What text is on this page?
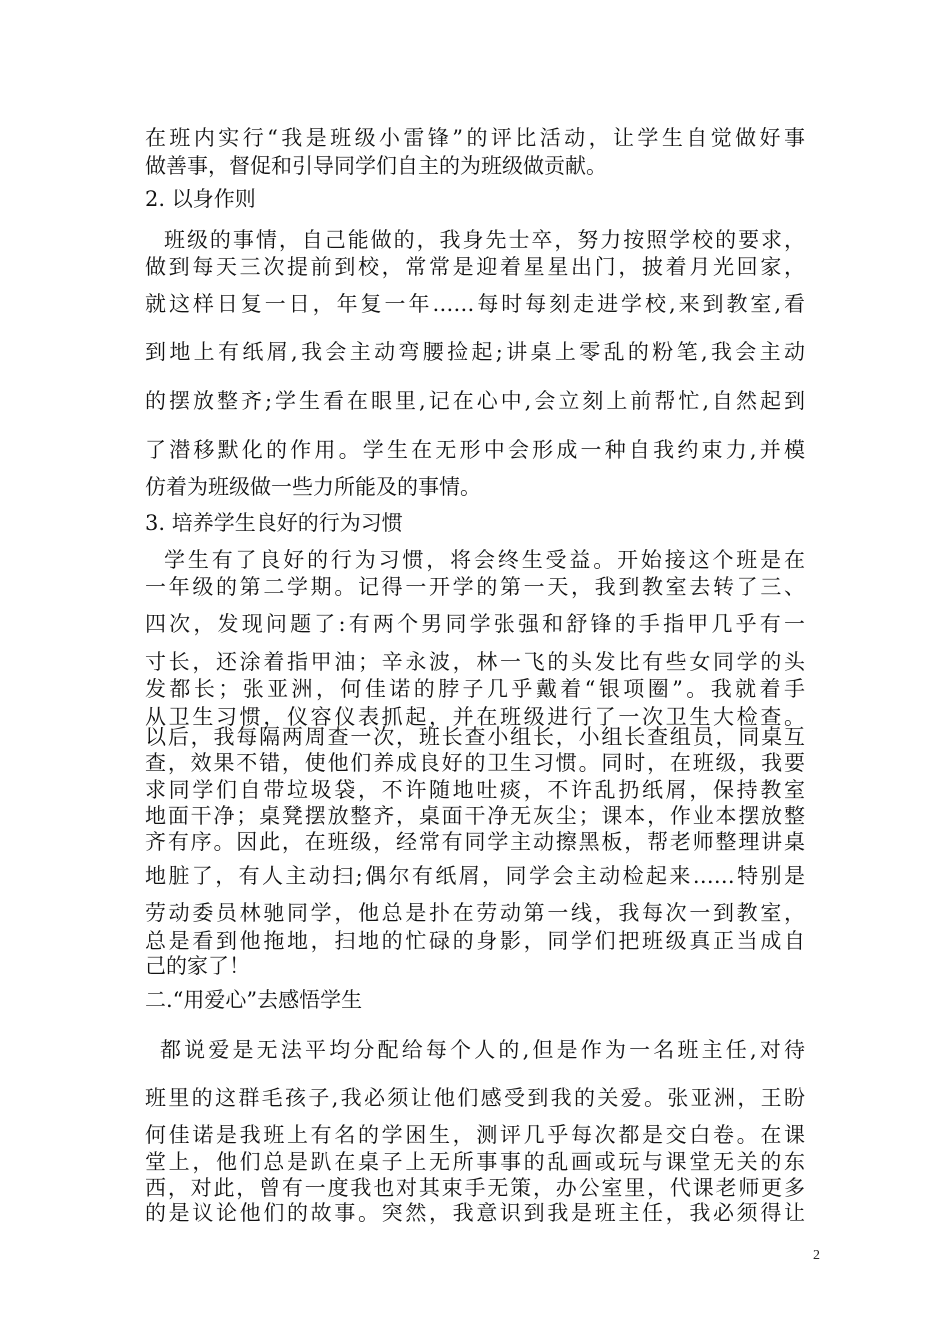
在班内实行“我是班级小雷锋”的评比活动，让学生自觉做好事
做善事，督促和引导同学们自主的为班级做贡献。
2. 以身作则
班级的事情，自己能做的，我身先士卒，努力按照学校的要求，
做到每天三次提前到校，常常是迎着星星出门，披着月光回家，
就这样日复一日，年复一年……每时每刻走进学校,来到教室,看
到地上有纸屑,我会主动弯腰捡起;讲桌上零乱的粉笔,我会主动
的摆放整齐;学生看在眼里,记在心中,会立刻上前帮忙,自然起到
了潜移默化的作用。学生在无形中会形成一种自我约束力,并模
仿着为班级做一些力所能及的事情。
3. 培养学生良好的行为习惯
学生有了良好的行为习惯，将会终生受益。开始接这个班是在
一年级的第二学期。记得一开学的第一天，我到教室去转了三、
四次，发现问题了:有两个男同学张强和舒锋的手指甲几乎有一
寸长，还涂着指甲油；辛永波，林一飞的头发比有些女同学的头
发都长；张亚洲，何佳诺的脖子几乎戴着“银项圈”。我就着手
从卫生习惯，仪容仪表抓起，并在班级进行了一次卫生大检查。
以后，我每隔两周查一次，班长查小组长，小组长查组员，同桌互
查，效果不错，使他们养成良好的卫生习惯。同时，在班级，我要
求同学们自带垃圾袋，不许随地吐痰，不许乱扔纸屑，保持教室
地面干净；桌凳摆放整齐，桌面干净无灰尘；课本，作业本摆放整
齐有序。因此，在班级，经常有同学主动擦黑板，帮老师整理讲桌
地脏了，有人主动扫;偶尔有纸屑，同学会主动检起来……特别是
劳动委员林驰同学，他总是扑在劳动第一线，我每次一到教室，
总是看到他拖地，扫地的忙碌的身影，同学们把班级真正当成自
己的家了！
二.“用爱心”去感悟学生
都说爱是无法平均分配给每个人的,但是作为一名班主任,对待
班里的这群毛孩子,我必须让他们感受到我的关爱。张亚洲，王盼
何佳诺是我班上有名的学困生，测评几乎每次都是交白卷。在课
堂上，他们总是趴在桌子上无所事事的乱画或玩与课堂无关的东
西，对此，曾有一度我也对其束手无策，办公室里，代课老师更多
的是议论他们的故事。突然，我意识到我是班主任，我必须得让
2
